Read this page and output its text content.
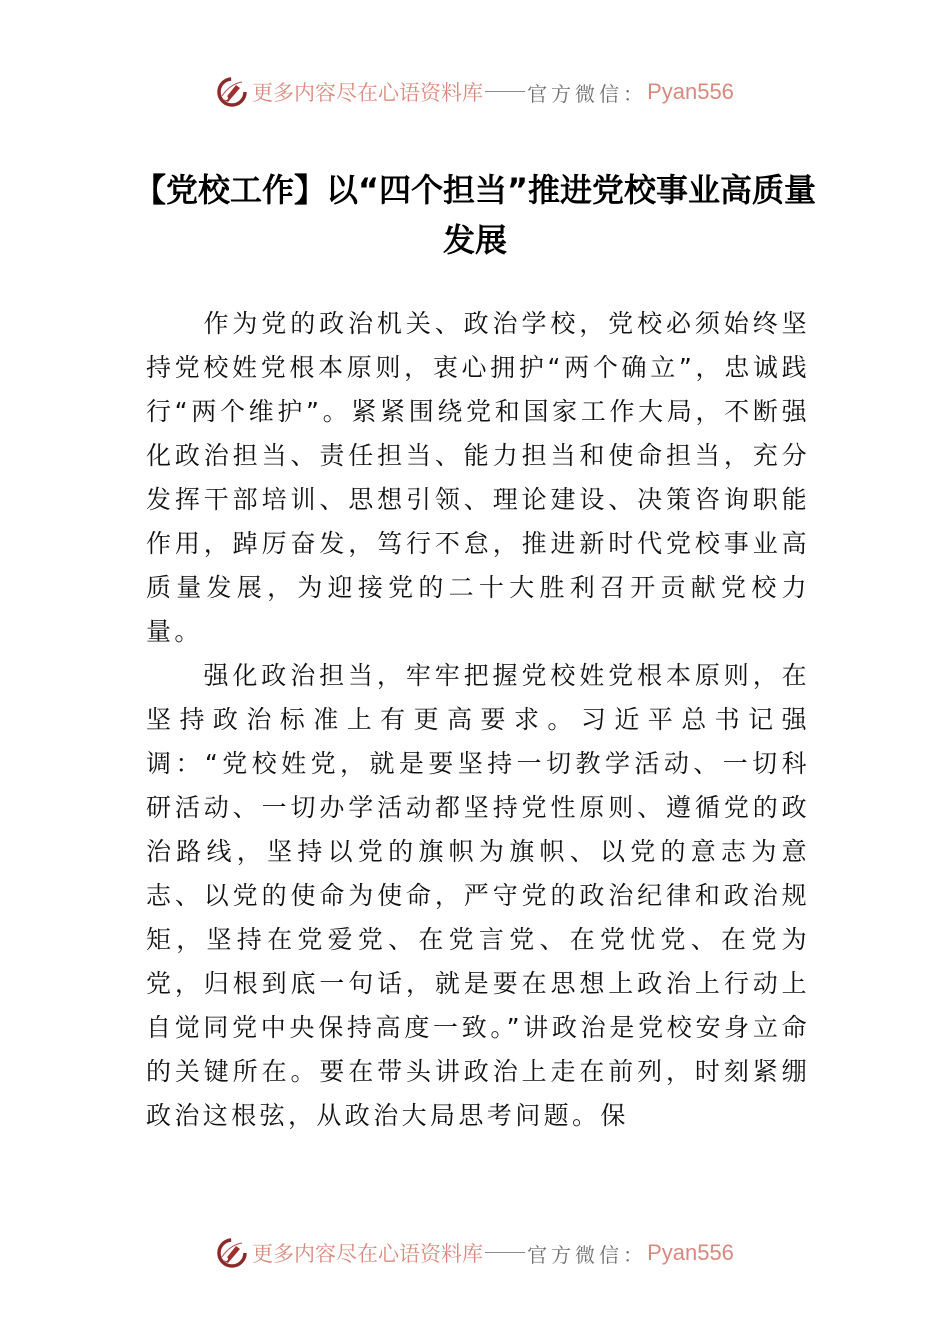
更多内容尽在心语资料库 官方微信： Pyan556
【党校工作】以“四个担当”推进党校事业高质量发展

作为党的政治机关、政治学校，党校必须始终坚持党校姓党根本原则，衷心拥护“两个确立”，忠诚践行“两个维护”。紧紧围绕党和国家工作大局，不断强化政治担当、责任担当、能力担当和使命担当，充分发挥干部培训、思想引领、理论建设、决策咨询职能作用，踔厉奋发，笃行不怠，推进新时代党校事业高质量发展，为迎接党的二十大胜利召开贡献党校力量。

强化政治担当，牢牢把握党校姓党根本原则，在坚持政治标准上有更高要求。习近平总书记强调：“党校姓党，就是要坚持一切教学活动、一切科研活动、一切办学活动都坚持党性原则、遵循党的政治路线，坚持以党的旗帜为旗帜、以党的意志为意志、以党的使命为使命，严守党的政治纪律和政治规矩，坚持在党爱党、在党言党、在党忧党、在党为党，归根到底一句话，就是要在思想上政治上行动上自觉同党中央保持高度一致。”讲政治是党校安身立命的关键所在。要在带头讲政治上走在前列，时刻紧绷政治这根弦，从政治大局思考问题。保

更多内容尽在心语资料库 官方微信： Pyan556
